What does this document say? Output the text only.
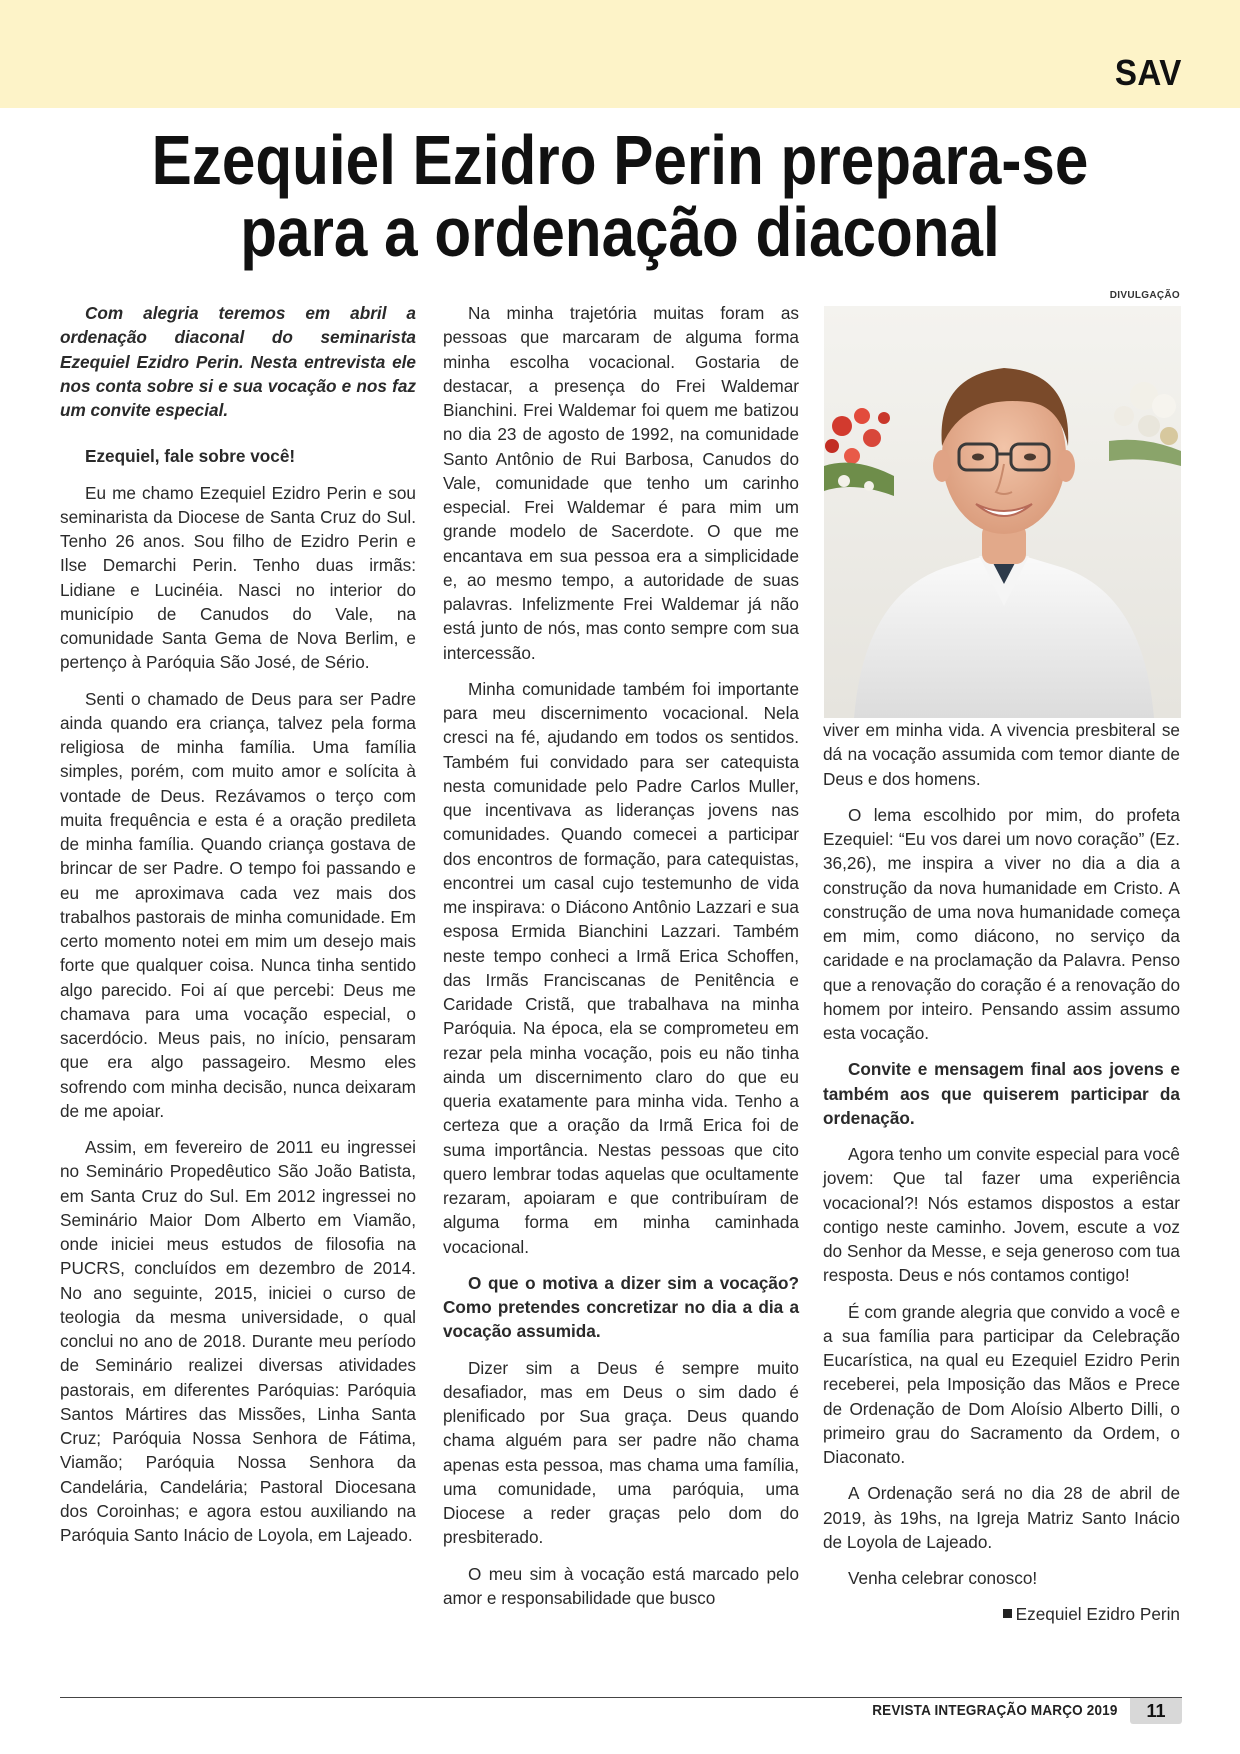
SAV
Ezequiel Ezidro Perin prepara-se
para a ordenação diaconal
DIVULGAÇÃO

Com alegria teremos em abril a ordenação diaconal do seminarista Ezequiel Ezidro Perin. Nesta entrevista ele nos conta sobre si e sua vocação e nos faz um convite especial.

Ezequiel, fale sobre você!

Eu me chamo Ezequiel Ezidro Perin e sou seminarista da Diocese de Santa Cruz do Sul. Tenho 26 anos. Sou filho de Ezidro Perin e Ilse Demarchi Perin. Tenho duas irmãs: Lidiane e Lucinéia. Nasci no interior do município de Canudos do Vale, na comunidade Santa Gema de Nova Berlim, e pertenço à Paróquia São José, de Sério.

Senti o chamado de Deus para ser Padre ainda quando era criança, talvez pela forma religiosa de minha família. Uma família simples, porém, com muito amor e solícita à vontade de Deus. Rezávamos o terço com muita frequência e esta é a oração predileta de minha família. Quando criança gostava de brincar de ser Padre. O tempo foi passando e eu me aproximava cada vez mais dos trabalhos pastorais de minha comunidade. Em certo momento notei em mim um desejo mais forte que qualquer coisa. Nunca tinha sentido algo parecido. Foi aí que percebi: Deus me chamava para uma vocação especial, o sacerdócio. Meus pais, no início, pensaram que era algo passageiro. Mesmo eles sofrendo com minha decisão, nunca deixaram de me apoiar.

Assim, em fevereiro de 2011 eu ingressei no Seminário Propedêutico São João Batista, em Santa Cruz do Sul. Em 2012 ingressei no Seminário Maior Dom Alberto em Viamão, onde iniciei meus estudos de filosofia na PUCRS, concluídos em dezembro de 2014. No ano seguinte, 2015, iniciei o curso de teologia da mesma universidade, o qual conclui no ano de 2018. Durante meu período de Seminário realizei diversas atividades pastorais, em diferentes Paróquias: Paróquia Santos Mártires das Missões, Linha Santa Cruz; Paróquia Nossa Senhora de Fátima, Viamão; Paróquia Nossa Senhora da Candelária, Candelária; Pastoral Diocesana dos Coroinhas; e agora estou auxiliando na Paróquia Santo Inácio de Loyola, em Lajeado.

Na minha trajetória muitas foram as pessoas que marcaram de alguma forma minha escolha vocacional. Gostaria de destacar, a presença do Frei Waldemar Bianchini. Frei Waldemar foi quem me batizou no dia 23 de agosto de 1992, na comunidade Santo Antônio de Rui Barbosa, Canudos do Vale, comunidade que tenho um carinho especial. Frei Waldemar é para mim um grande modelo de Sacerdote. O que me encantava em sua pessoa era a simplicidade e, ao mesmo tempo, a autoridade de suas palavras. Infelizmente Frei Waldemar já não está junto de nós, mas conto sempre com sua intercessão.

Minha comunidade também foi importante para meu discernimento vocacional. Nela cresci na fé, ajudando em todos os sentidos. Também fui convidado para ser catequista nesta comunidade pelo Padre Carlos Muller, que incentivava as lideranças jovens nas comunidades. Quando comecei a participar dos encontros de formação, para catequistas, encontrei um casal cujo testemunho de vida me inspirava: o Diácono Antônio Lazzari e sua esposa Ermida Bianchini Lazzari. Também neste tempo conheci a Irmã Erica Schoffen, das Irmãs Franciscanas de Penitência e Caridade Cristã, que trabalhava na minha Paróquia. Na época, ela se comprometeu em rezar pela minha vocação, pois eu não tinha ainda um discernimento claro do que eu queria exatamente para minha vida. Tenho a certeza que a oração da Irmã Erica foi de suma importância. Nestas pessoas que cito quero lembrar todas aquelas que ocultamente rezaram, apoiaram e que contribuíram de alguma forma em minha caminhada vocacional.

O que o motiva a dizer sim a vocação? Como pretendes concretizar no dia a dia a vocação assumida.

Dizer sim a Deus é sempre muito desafiador, mas em Deus o sim dado é plenificado por Sua graça. Deus quando chama alguém para ser padre não chama apenas esta pessoa, mas chama uma família, uma comunidade, uma paróquia, uma Diocese a reder graças pelo dom do presbiterado.

O meu sim à vocação está marcado pelo amor e responsabilidade que busco

viver em minha vida. A vivencia presbiteral se dá na vocação assumida com temor diante de Deus e dos homens.

O lema escolhido por mim, do profeta Ezequiel: “Eu vos darei um novo coração” (Ez. 36,26), me inspira a viver no dia a dia a construção da nova humanidade em Cristo. A construção de uma nova humanidade começa em mim, como diácono, no serviço da caridade e na proclamação da Palavra. Penso que a renovação do coração é a renovação do homem por inteiro. Pensando assim assumo esta vocação.

Convite e mensagem final aos jovens e também aos que quiserem participar da ordenação.

Agora tenho um convite especial para você jovem: Que tal fazer uma experiência vocacional?! Nós estamos dispostos a estar contigo neste caminho. Jovem, escute a voz do Senhor da Messe, e seja generoso com tua resposta. Deus e nós contamos contigo!

É com grande alegria que convido a você e a sua família para participar da Celebração Eucarística, na qual eu Ezequiel Ezidro Perin receberei, pela Imposição das Mãos e Prece de Ordenação de Dom Aloísio Alberto Dilli, o primeiro grau do Sacramento da Ordem, o Diaconato.

A Ordenação será no dia 28 de abril de 2019, às 19hs, na Igreja Matriz Santo Inácio de Loyola de Lajeado.

Venha celebrar conosco!

Ezequiel Ezidro Perin

REVISTA INTEGRAÇÃO MARÇO 2019	11
